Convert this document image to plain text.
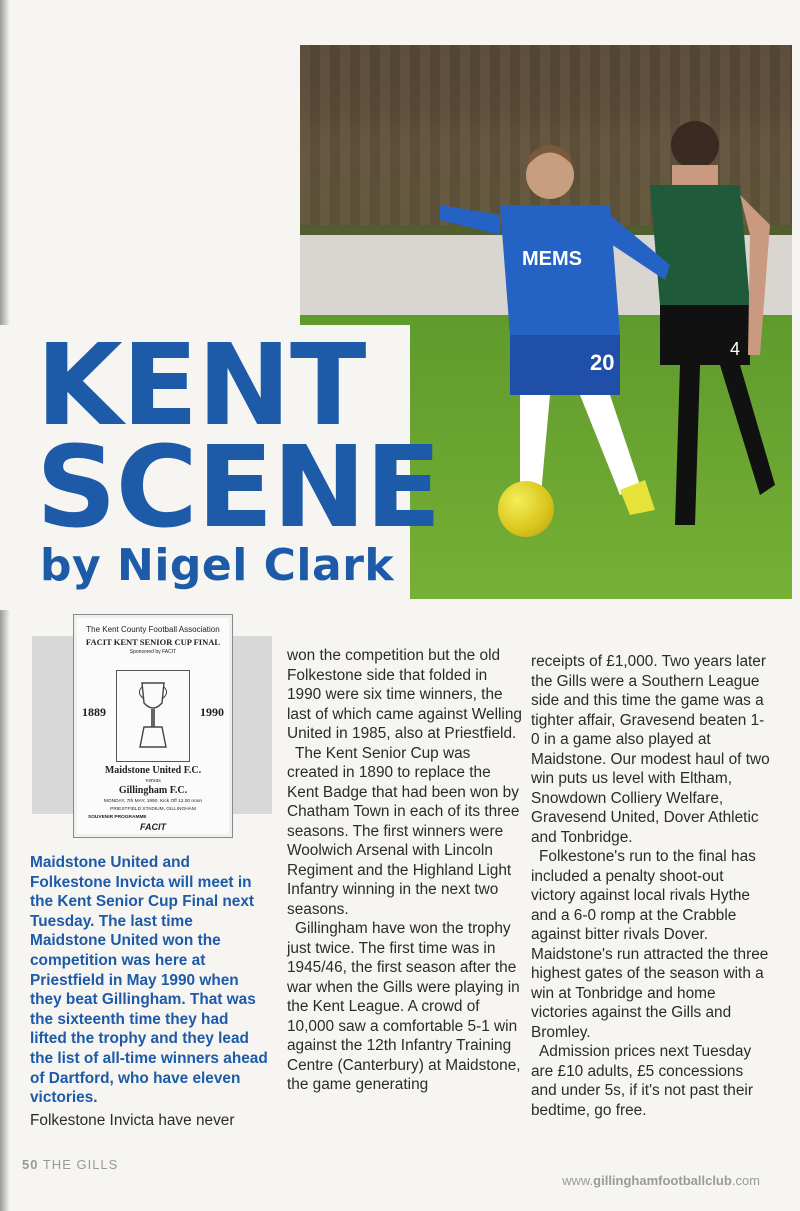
4
MEMS
20
KENT
SCENE
by Nigel Clark
The Kent County Football Association
FACIT KENT SENIOR CUP FINAL
Sponsored by FACIT
1889	1990
Maidstone United F.C.
versus
Gillingham F.C.
MONDAY, 7th MAY, 1990. Kick Off 12.00 noon
PRIESTFIELD STADIUM, GILLINGHAM
SOUVENIR PROGRAMME
FACIT

Maidstone United and Folkestone Invicta will meet in the Kent Senior Cup Final next Tuesday. The last time Maidstone United won the competition was here at Priestfield in May 1990 when they beat Gillingham. That was the sixteenth time they had lifted the trophy and they lead the list of all-time winners ahead of Dartford, who have eleven victories.

Folkestone Invicta have never

won the competition but the old Folkestone side that folded in 1990 were six time winners, the last of which came against Welling United in 1985, also at Priestfield.

The Kent Senior Cup was created in 1890 to replace the Kent Badge that had been won by Chatham Town in each of its three seasons. The first winners were Woolwich Arsenal with Lincoln Regiment and the Highland Light Infantry winning in the next two seasons.

Gillingham have won the trophy just twice. The first time was in 1945/46, the first season after the war when the Gills were playing in the Kent League. A crowd of 10,000 saw a comfortable 5-1 win against the 12th Infantry Training Centre (Canterbury) at Maidstone, the game generating

receipts of £1,000. Two years later the Gills were a Southern League side and this time the game was a tighter affair, Gravesend beaten 1-0 in a game also played at Maidstone. Our modest haul of two win puts us level with Eltham, Snowdown Colliery Welfare, Gravesend United, Dover Athletic and Tonbridge.

Folkestone's run to the final has included a penalty shoot-out victory against local rivals Hythe and a 6-0 romp at the Crabble against bitter rivals Dover. Maidstone's run attracted the three highest gates of the season with a win at Tonbridge and home victories against the Gills and Bromley.

Admission prices next Tuesday are £10 adults, £5 concessions and under 5s, if it's not past their bedtime, go free.

50 THE GILLS
www.gillinghamfootballclub.com
